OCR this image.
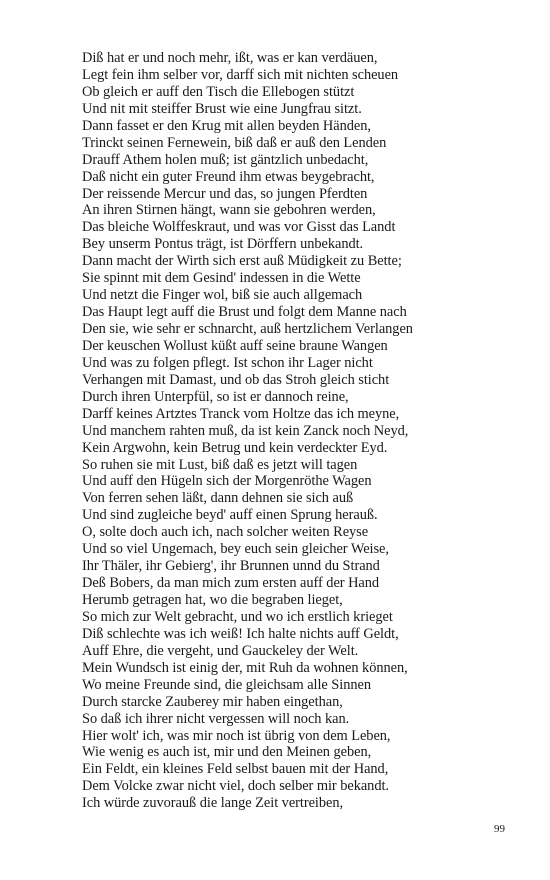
Diß hat er und noch mehr, ißt, was er kan verdäuen,
Legt fein ihm selber vor, darff sich mit nichten scheuen
Ob gleich er auff den Tisch die Ellebogen stützt
Und nit mit steiffer Brust wie eine Jungfrau sitzt.
Dann fasset er den Krug mit allen beyden Händen,
Trinckt seinen Fernewein, biß daß er auß den Lenden
Drauff Athem holen muß; ist gäntzlich unbedacht,
Daß nicht ein guter Freund ihm etwas beygebracht,
Der reissende Mercur und das, so jungen Pferdten
An ihren Stirnen hängt, wann sie gebohren werden,
Das bleiche Wolffeskraut, und was vor Gisst das Landt
Bey unserm Pontus trägt, ist Dörffern unbekandt.
Dann macht der Wirth sich erst auß Müdigkeit zu Bette;
Sie spinnt mit dem Gesind' indessen in die Wette
Und netzt die Finger wol, biß sie auch allgemach
Das Haupt legt auff die Brust und folgt dem Manne nach
Den sie, wie sehr er schnarcht, auß hertzlichem Verlangen
Der keuschen Wollust küßt auff seine braune Wangen
Und was zu folgen pflegt. Ist schon ihr Lager nicht
Verhangen mit Damast, und ob das Stroh gleich sticht
Durch ihren Unterpfül, so ist er dannoch reine,
Darff keines Artztes Tranck vom Holtze das ich meyne,
Und manchem rahten muß, da ist kein Zanck noch Neyd,
Kein Argwohn, kein Betrug und kein verdeckter Eyd.
So ruhen sie mit Lust, biß daß es jetzt will tagen
Und auff den Hügeln sich der Morgenröthe Wagen
Von ferren sehen läßt, dann dehnen sie sich auß
Und sind zugleiche beyd' auff einen Sprung herauß.
O, solte doch auch ich, nach solcher weiten Reyse
Und so viel Ungemach, bey euch sein gleicher Weise,
Ihr Thäler, ihr Gebierg', ihr Brunnen unnd du Strand
Deß Bobers, da man mich zum ersten auff der Hand
Herumb getragen hat, wo die begraben lieget,
So mich zur Welt gebracht, und wo ich erstlich krieget
Diß schlechte was ich weiß! Ich halte nichts auff Geldt,
Auff Ehre, die vergeht, und Gauckeley der Welt.
Mein Wundsch ist einig der, mit Ruh da wohnen können,
Wo meine Freunde sind, die gleichsam alle Sinnen
Durch starcke Zauberey mir haben eingethan,
So daß ich ihrer nicht vergessen will noch kan.
Hier wolt' ich, was mir noch ist übrig von dem Leben,
Wie wenig es auch ist, mir und den Meinen geben,
Ein Feldt, ein kleines Feld selbst bauen mit der Hand,
Dem Volcke zwar nicht viel, doch selber mir bekandt.
Ich würde zuvorauß die lange Zeit vertreiben,
99
